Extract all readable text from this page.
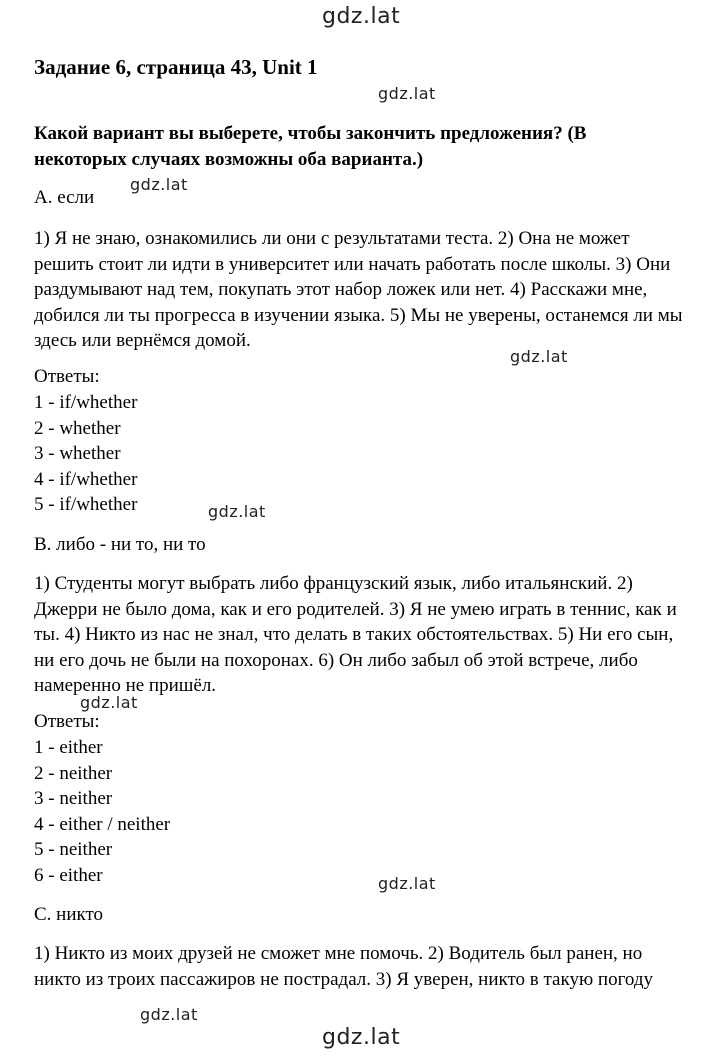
gdz.lat
gdz.lat
gdz.lat
gdz.lat
gdz.lat
gdz.lat
gdz.lat
gdz.lat
gdz.lat
Задание 6, страница 43, Unit 1

Какой вариант вы выберете, чтобы закончить предложения? (В некоторых случаях возможны оба варианта.)

А. если

1) Я не знаю, ознакомились ли они с результатами теста. 2) Она не может решить стоит ли идти в университет или начать работать после школы. 3) Они раздумывают над тем, покупать этот набор ложек или нет. 4) Расскажи мне, добился ли ты прогресса в изучении языка. 5) Мы не уверены, останемся ли мы здесь или вернёмся домой.

Ответы:

1 - if/whether
2 - whether
3 - whether
4 - if/whether
5 - if/whether

В. либо - ни то, ни то

1) Студенты могут выбрать либо французский язык, либо итальянский. 2) Джерри не было дома, как и его родителей. 3) Я не умею играть в теннис, как и ты. 4) Никто из нас не знал, что делать в таких обстоятельствах. 5) Ни его сын, ни его дочь не были на похоронах. 6) Он либо забыл об этой встрече, либо намеренно не пришёл.

Ответы:

1 - either
2 - neither
3 - neither
4 - either / neither
5 - neither
6 - either

С. никто

1) Никто из моих друзей не сможет мне помочь. 2) Водитель был ранен, но никто из троих пассажиров не пострадал. 3) Я уверен, никто в такую погоду
